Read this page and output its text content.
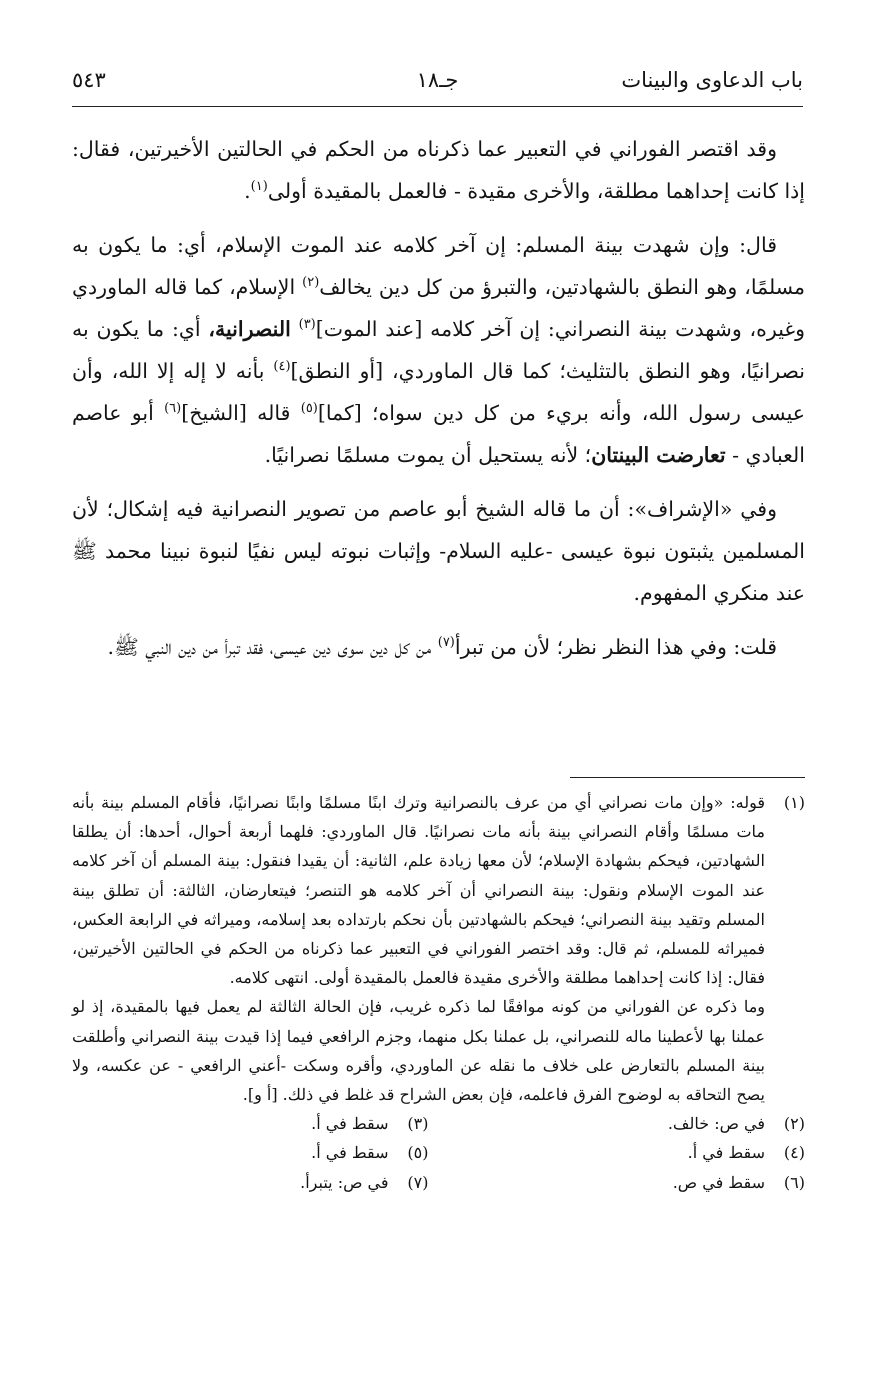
باب الدعاوى والبينات
جـ١٨
٥٤٣

وقد اقتصر الفوراني في التعبير عما ذكرناه من الحكم في الحالتين الأخيرتين، فقال: إذا كانت إحداهما مطلقة، والأخرى مقيدة - فالعمل بالمقيدة أولى$^{(١)}$.

قال: وإن شهدت بينة المسلم: إن آخر كلامه عند الموت الإسلام، أي: ما يكون به مسلمًا، وهو النطق بالشهادتين، والتبرؤ من كل دين يخالف$^{(٢)}$ الإسلام، كما قاله الماوردي وغيره، وشهدت بينة النصراني: إن آخر كلامه [عند الموت]$^{(٣)}$ النصرانية، أي: ما يكون به نصرانيًا، وهو النطق بالتثليث؛ كما قال الماوردي، [أو النطق]$^{(٤)}$ بأنه لا إله إلا الله، وأن عيسى رسول الله، وأنه بريء من كل دين سواه؛ [كما]$^{(٥)}$ قاله [الشيخ]$^{(٦)}$ أبو عاصم العبادي - تعارضت البينتان؛ لأنه يستحيل أن يموت مسلمًا نصرانيًا.

وفي «الإشراف»: أن ما قاله الشيخ أبو عاصم من تصوير النصرانية فيه إشكال؛ لأن المسلمين يثبتون نبوة عيسى -عليه السلام- وإثبات نبوته ليس نفيًا لنبوة نبينا محمد ﷺ عند منكري المفهوم.

قلت: وفي هذا النظر نظر؛ لأن من تبرأ$^{(٧)}$ من كل دين سوى دين عيسى، فقد تبرأ من دين النبي ﷺ.

(١)

قوله: «وإن مات نصراني أي من عرف بالنصرانية وترك ابنًا مسلمًا وابنًا نصرانيًا، فأقام المسلم بينة بأنه مات مسلمًا وأقام النصراني بينة بأنه مات نصرانيًا. قال الماوردي: فلهما أربعة أحوال، أحدها: أن يطلقا الشهادتين، فيحكم بشهادة الإسلام؛ لأن معها زيادة علم، الثانية: أن يقيدا فنقول: بينة المسلم أن آخر كلامه عند الموت الإسلام ونقول: بينة النصراني أن آخر كلامه هو التنصر؛ فيتعارضان، الثالثة: أن تطلق بينة المسلم وتقيد بينة النصراني؛ فيحكم بالشهادتين بأن نحكم بارتداده بعد إسلامه، وميراثه في الرابعة العكس، فميراثه للمسلم، ثم قال: وقد اختصر الفوراني في التعبير عما ذكرناه من الحكم في الحالتين الأخيرتين، فقال: إذا كانت إحداهما مطلقة والأخرى مقيدة فالعمل بالمقيدة أولى. انتهى كلامه.

وما ذكره عن الفوراني من كونه موافقًا لما ذكره غريب، فإن الحالة الثالثة لم يعمل فيها بالمقيدة، إذ لو عملنا بها لأعطينا ماله للنصراني، بل عملنا بكل منهما، وجزم الرافعي فيما إذا قيدت بينة النصراني وأطلقت بينة المسلم بالتعارض على خلاف ما نقله عن الماوردي، وأقره وسكت -أعني الرافعي - عن عكسه، ولا يصح التحاقه به لوضوح الفرق فاعلمه، فإن بعض الشراح قد غلط في ذلك. [أ و].

(٢)
في ص: خالف.
(٣)
سقط في أ.
(٤)
سقط في أ.
(٥)
سقط في أ.
(٦)
سقط في ص.
(٧)
في ص: يتبرأ.
